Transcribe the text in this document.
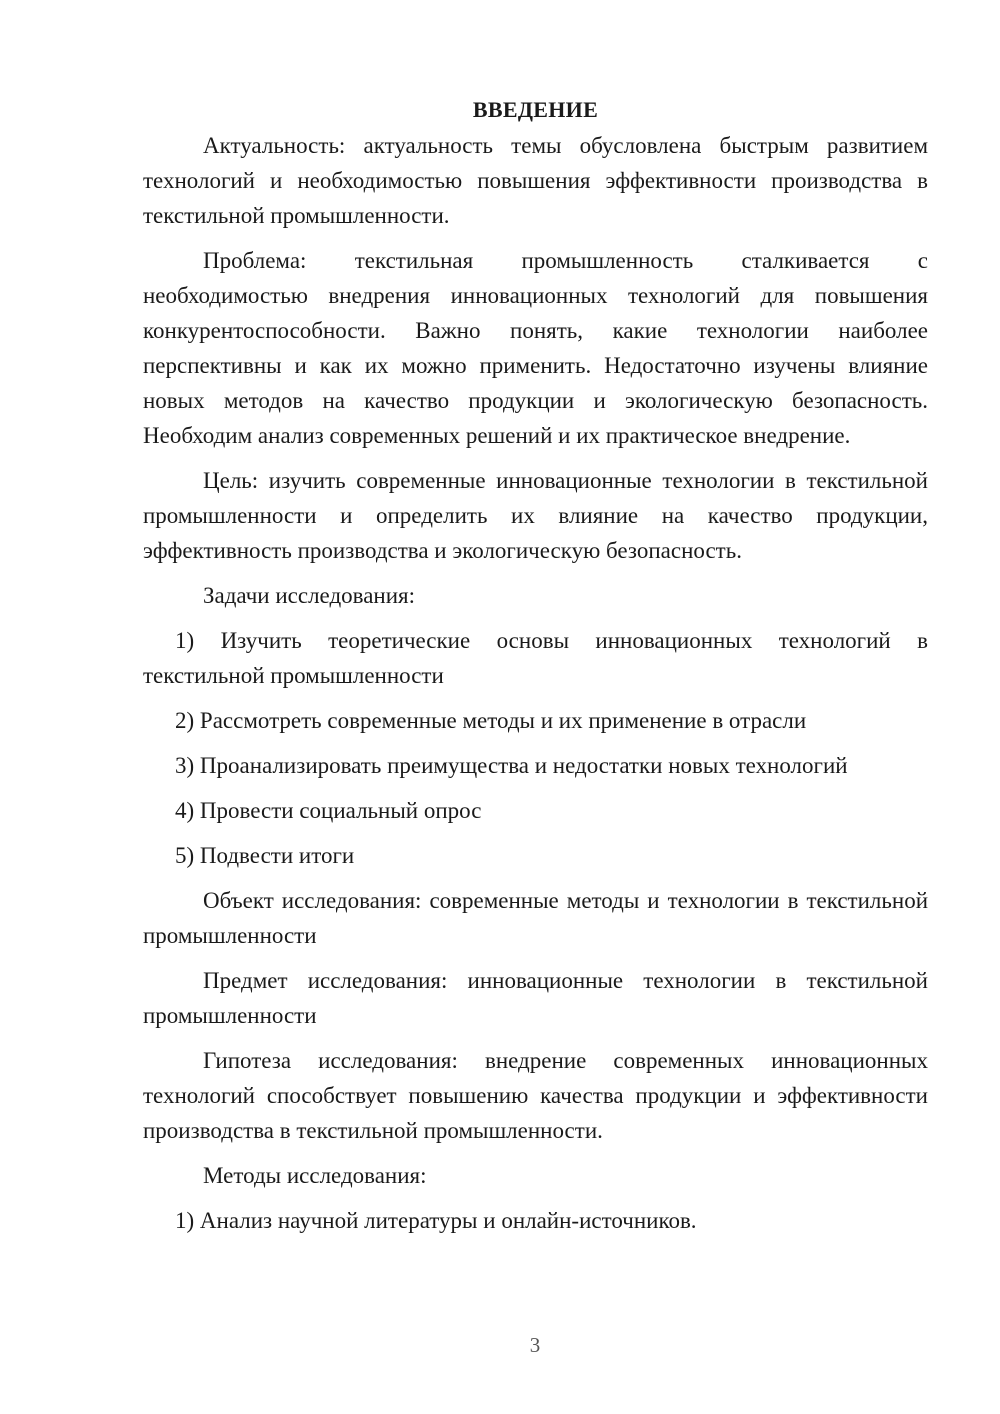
ВВЕДЕНИЕ

Актуальность: актуальность темы обусловлена быстрым развитием технологий и необходимостью повышения эффективности производства в текстильной промышленности.

Проблема: текстильная промышленность сталкивается с необходимостью внедрения инновационных технологий для повышения конкурентоспособности. Важно понять, какие технологии наиболее перспективны и как их можно применить. Недостаточно изучены влияние новых методов на качество продукции и экологическую безопасность. Необходим анализ современных решений и их практическое внедрение.

Цель: изучить современные инновационные технологии в текстильной промышленности и определить их влияние на качество продукции, эффективность производства и экологическую безопасность.

Задачи исследования:

1) Изучить теоретические основы инновационных технологий в текстильной промышленности

2) Рассмотреть современные методы и их применение в отрасли

3) Проанализировать преимущества и недостатки новых технологий

4) Провести социальный опрос

5) Подвести итоги

Объект исследования: современные методы и технологии в текстильной промышленности

Предмет исследования: инновационные технологии в текстильной промышленности

Гипотеза исследования: внедрение современных инновационных технологий способствует повышению качества продукции и эффективности производства в текстильной промышленности.

Методы исследования:

1) Анализ научной литературы и онлайн-источников.

3
